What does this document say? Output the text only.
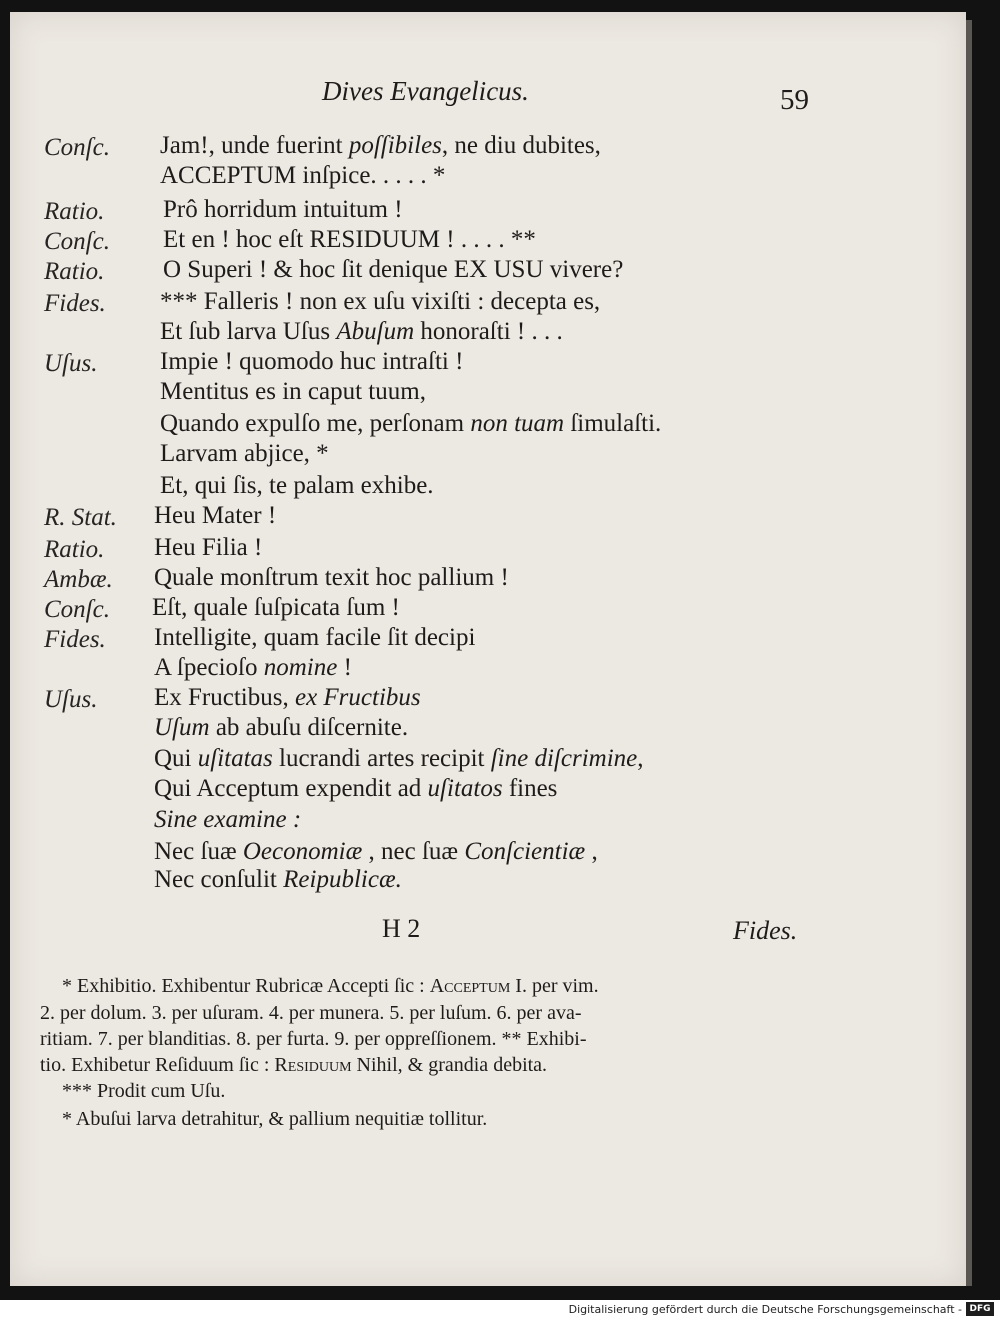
Dives Evangelicus.	59
Conſc. Jam!, unde fuerint poſſibiles, ne diu dubites,
ACCEPTUM inſpice. . . . . *
Ratio. Prô horridum intuitum !
Conſc. Et en ! hoc eſt RESIDUUM ! . . . . **
Ratio. O Superi ! & hoc ſit denique EX USU vivere?
Fides. *** Falleris ! non ex uſu vixiſti : decepta es,
Et ſub larva Uſus Abuſum honoraſti ! . . .
Uſus.	Impie ! quomodo huc intraſti !
Mentitus es in caput tuum,
Quando expulſo me, perſonam non tuam ſimulaſti.
Larvam abjice, *
Et, qui ſis, te palam exhibe.
R. Stat. Heu Mater !
Ratio. Heu Filia !
Ambæ. Quale monſtrum texit hoc pallium !
Conſc. Eſt, quale ſuſpicata ſum !
Fides. Intelligite, quam facile ſit decipi
A ſpecioſo nomine !
Uſus. Ex Fructibus, ex Fructibus
Uſum ab abuſu diſcernite.
Qui uſitatas lucrandi artes recipit ſine diſcrimine,
Qui Acceptum expendit ad uſitatos fines
Sine examine :
Nec ſuæ Oeconomiæ , nec ſuæ Conſcientiæ ,
Nec conſulit Reipublicæ.
H 2	Fides.
* Exhibitio. Exhibentur Rubricæ Accepti ſic : Acceptum I. per vim.
2. per dolum. 3. per uſuram. 4. per munera. 5. per luſum. 6. per ava-
ritiam. 7. per blanditias. 8. per furta. 9. per oppreſſionem. ** Exhibi-
tio. Exhibetur Reſiduum ſic : Residuum Nihil, & grandia debita.
*** Prodit cum Uſu.
* Abuſui larva detrahitur, & pallium nequitiæ tollitur.
Digitalisierung gefördert durch die Deutsche Forschungsgemeinschaft - DFG
